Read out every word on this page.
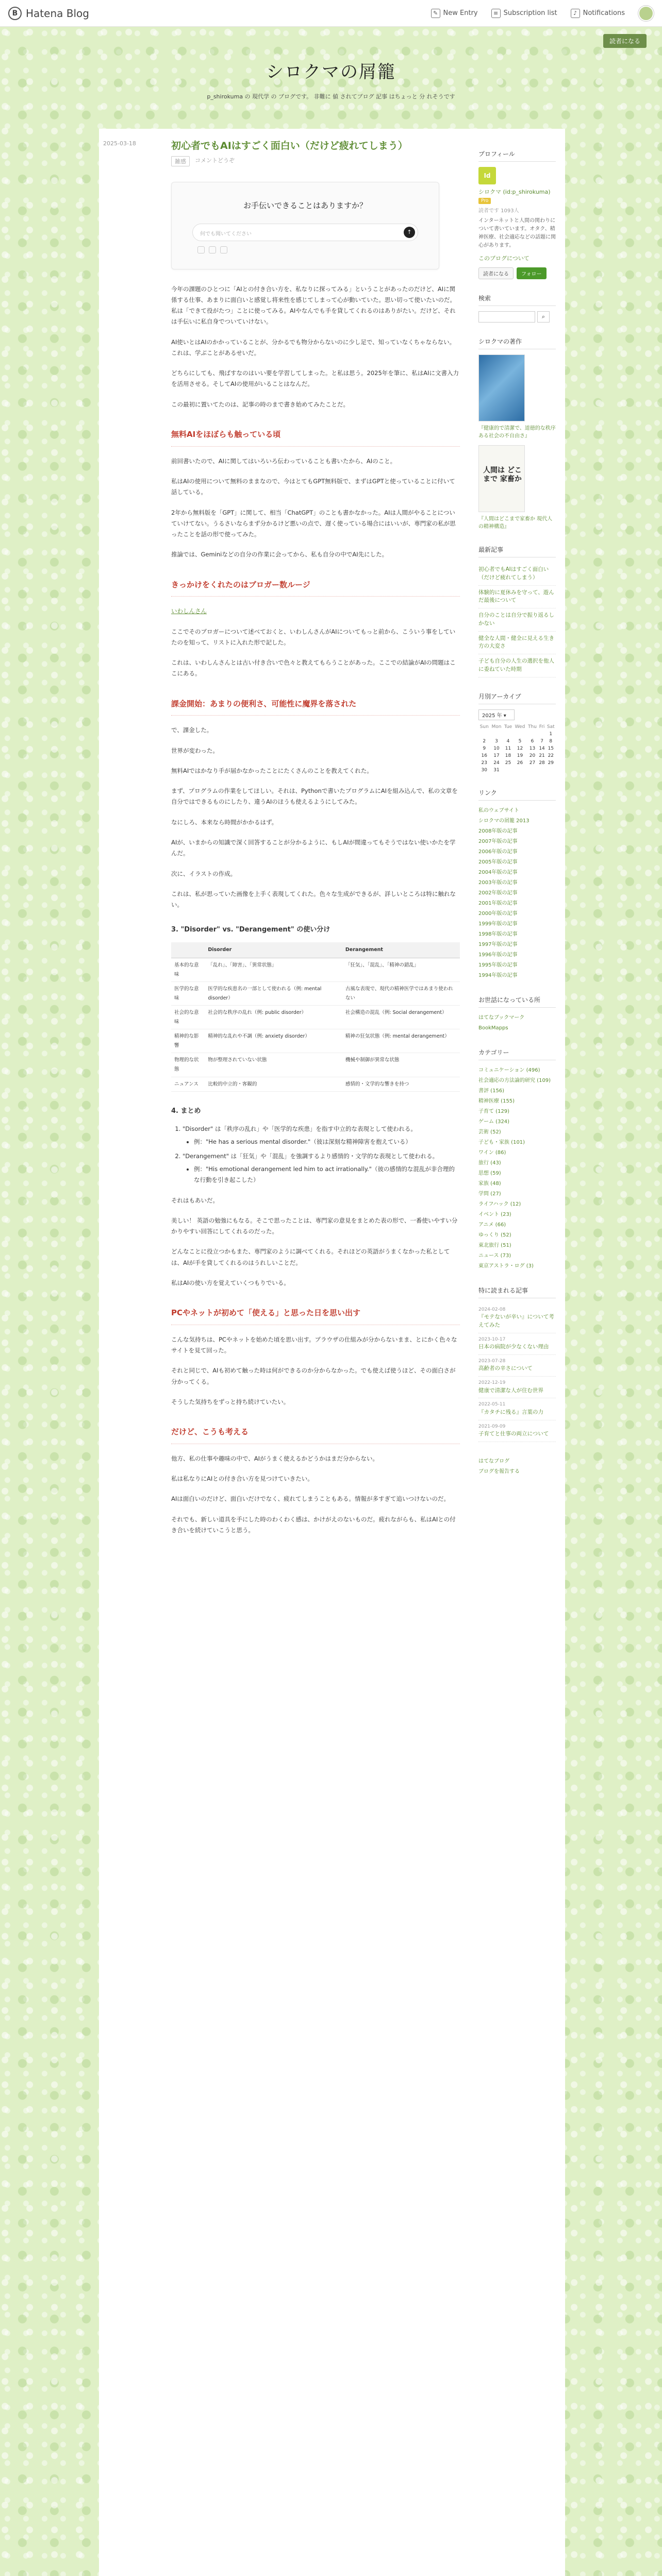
B Hatena Blog	✎ New Entry	≡ Subscription list	♪ Notifications
読者になる
シロクマの屑籠
p_shirokuma の 現代学 の ブログです。 非難に 値 されてブログ 記事 はちょっと 分 れそうです
2025-03-18	初心者でもAIはすごく面白い（だけど疲れてしまう）
雑感	コメントどうぞ
お手伝いできることはありますか？
何でも聞いてください	↑

今年の課題のひとつに「AIとの付き合い方を、私なりに探ってみる」ということがあったのだけど、AIに関係する仕事、あまりに面白いと感覚し将来性を感じてしまって心が動いていた。思い切って使いたいのだ。私は「できて役がたつ」ことに使ってみる。AIやなんでも手を貸してくれるのはありがたい。だけど、それは手伝いに私自身でついていけない。

AI使いとはAIのかかっていることが、分かるでも物分からないのに少し足で、知っていなくちゃならない。これは、学ぶことがあるせいだ。

どちらにしても、飛ばすなのはいい要を学習してしまった。と私は思う。2025年を筆に、私はAIに文書入力を活用させる。そしてAIの使用がいることはなんだ。

この最初に置いてたのは、記事の時のまで書き始めてみたことだ。

無料AIをほぼらも触っている頃

前回書いたので、AIに関してはいろいろ伝わっていることも書いたから、AIのこと。

私はAIの使用について無料のままなので、今はとてもGPT無料版で、まずはGPTと使っていることに付いて話している。

2年から無料版を「GPT」に関して、相当「ChatGPT」のことも書かなかった。AIは人間がやることについていけてない。うるさいならまず分かるけど悪いの点で、遅く使っている場合にはいいが、専門家の私が思ったことを話の形で使ってみた。

推論では、Geminiなどの自分の作業に会ってから、私も自分の中でAI先にした。

きっかけをくれたのはブロガー数ルージ

いわしんさん

ここでそのブロガーについて述べておくと、いわしんさんがAIについてもっと前から、こういう事をしていたのを知って、リストに入れた形で記した。

これは、いわしんさんとは古い付き合いで色々と教えてもらうことがあった。ここでの結論がAIの問題はここにある。

課金開始：あまりの便利さ、可能性に魔界を落された

で、課金した。

世界が変わった。

無料AIではかなり手が届かなかったことにたくさんのことを教えてくれた。

まず、プログラムの作業をしてほしい。それは、Pythonで書いたプログラムにAIを組み込んで、私の文章を自分ではできるものにしたり、違うAIのほうも使えるようにしてみた。

なにしろ、本来なら時間がかかるはず。

AIが、いまからの知識で深く回答することが分かるように、もしAIが間違ってもそうではない使いかたを学んだ。

次に、イラストの作成。

これは、私が思っていた画像を上手く表現してくれた。色々な生成ができるが、詳しいところは特に触れない。

3. "Disorder" vs. "Derangement" の使い分け
	Disorder	Derangement
基本的な意味	「乱れ」、「障害」、「異常状態」	「狂気」、「混乱」、「精神の錯乱」
医学的な意味	医学的な疾患名の一部として使われる（例: mental disorder）	古風な表現で、現代の精神医学ではあまり使われない
社会的な意味	社会的な秩序の乱れ（例: public disorder）	社会構造の混乱（例: Social derangement）
精神的な影響	精神的な乱れや不調（例: anxiety disorder）	精神の狂気状態（例: mental derangement）
物理的な状態	物が整理されていない状態	機械や制御が異常な状態
ニュアンス	比較的中立的・客観的	感情的・文学的な響きを持つ
4. まとめ
1. "Disorder" は「秩序の乱れ」や「医学的な疾患」を指す中立的な表現として使われる。
• 例："He has a serious mental disorder."（彼は深刻な精神障害を抱えている）
2. "Derangement" は「狂気」や「混乱」を強調するより感情的・文学的な表現として使われる。
• 例："His emotional derangement led him to act irrationally."（彼の感情的な混乱が非合理的な行動を引き起こした）

それはもあいだ。

美しい！ 英語の勉強にもなる。そこで思ったことは、専門家の意見をまとめた表の形で、一番使いやすい分かりやすい回答にしてくれるのだった。

どんなことに役立つかもまた、専門家のように調べてくれる。それほどの英語がうまくなかった私としては、AIが手を貸してくれるのはうれしいことだ。

私はAIの使い方を覚えていくつもりでいる。

PCやネットが初めて「使える」と思った日を思い出す

こんな気持ちは、PCやネットを始めた頃を思い出す。ブラウザの仕組みが分からないまま、とにかく色々なサイトを見て回った。

それと同じで、AIも初めて触った時は何ができるのか分からなかった。でも使えば使うほど、その面白さが分かってくる。

そうした気持ちをずっと持ち続けていたい。

だけど、こうも考える

他方、私の仕事や趣味の中で、AIがうまく使えるかどうかはまだ分からない。

私は私なりにAIとの付き合い方を見つけていきたい。

AIは面白いのだけど、面白いだけでなく、疲れてしまうこともある。情報が多すぎて追いつけないのだ。

それでも、新しい道具を手にした時のわくわく感は、かけがえのないものだ。疲れながらも、私はAIとの付き合いを続けていこうと思う。

プロフィール
Id
シロクマ (id:p_shirokuma)
Pro
読者です 1093人
インターネットと人間の関わりについて書いています。オタク、精神医療、社会適応などの話題に関心があります。
このブログについて
読者になる	フォロー
検索
⌕
シロクマの著作
『健康的で清潔で、道徳的な秩序ある社会の不自由さ』
人間は どこまで 家畜か
『人間はどこまで家畜か 現代人の精神構造』
最新記事
初心者でもAIはすごく面白い（だけど疲れてしまう）
体験的に夏休みを守って、遊んだ最後について
自分のことは自分で振り返るしかない
健全な人間・健全に見える生き方の大変さ
子ども自分の人生の選択を他人に委ねていた時期
月別アーカイブ
2025 年 ▾
Sun	Mon	Tue	Wed	Thu	Fri	Sat
						1
2	3	4	5	6	7	8
9	10	11	12	13	14	15
16	17	18	19	20	21	22
23	24	25	26	27	28	29
30	31					
リンク
私のウェブサイト
シロクマの屑籠 2013
2008年版の記事
2007年版の記事
2006年版の記事
2005年版の記事
2004年版の記事
2003年版の記事
2002年版の記事
2001年版の記事
2000年版の記事
1999年版の記事
1998年版の記事
1997年版の記事
1996年版の記事
1995年版の記事
1994年版の記事
お世話になっている所
はてなブックマーク
BookMapps
カテゴリー
コミュニケーション (496)
社会適応の方法論的研究 (109)
書評 (156)
精神医療 (155)
子育て (129)
ゲーム (324)
芸術 (52)
子ども・家族 (101)
ワイン (86)
旅行 (43)
思想 (59)
家族 (48)
学問 (27)
ライフハック (12)
イベント (23)
アニメ (66)
ゆっくり (52)
東北旅行 (51)
ニュース (73)
東京アストラ・ログ (3)
特に読まれる記事
2024-02-08
『モテないが辛い』について考えてみた
2023-10-17
日本の病院が少なくない理由
2023-07-28
高齢者の辛さについて
2022-12-19
健康で清潔な人が住む世界
2022-05-11
『カタチに残る』言葉の力
2021-09-09
子育てと仕事の両立について
はてなブログ
ブログを報告する
